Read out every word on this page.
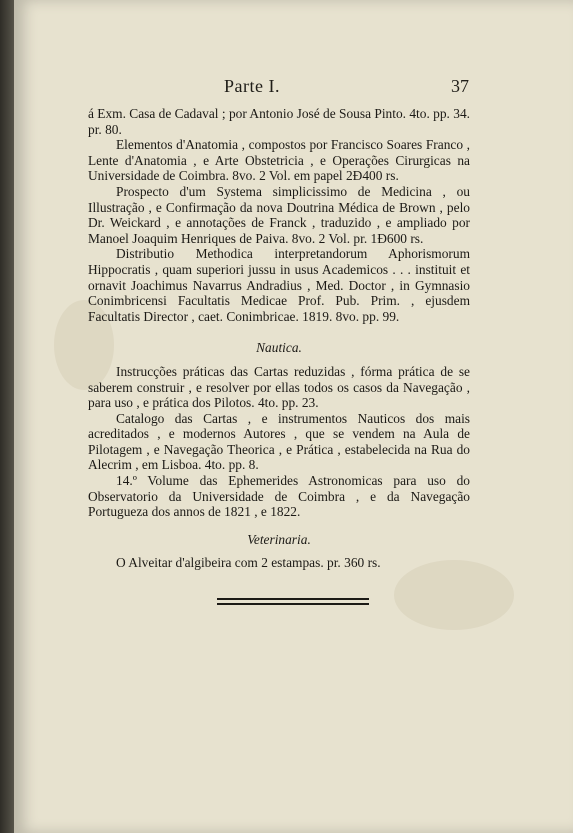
Parte I.	37

á Exm. Casa de Cadaval ; por Antonio José de Sousa Pinto. 4to. pp. 34. pr. 80.

Elementos d'Anatomia , compostos por Francisco Soares Franco , Lente d'Anatomia , e Arte Obstetricia , e Operações Cirurgicas na Universidade de Coimbra. 8vo. 2 Vol. em papel 2Ɖ400 rs.

Prospecto d'um Systema simplicissimo de Medicina , ou Illustração , e Confirmação da nova Doutrina Médica de Brown , pelo Dr. Weickard , e annotações de Franck , traduzido , e ampliado por Manoel Joaquim Henriques de Paiva. 8vo. 2 Vol. pr. 1Ɖ600 rs.

Distributio Methodica interpretandorum Aphorismorum Hippocratis , quam superiori jussu in usus Academicos . . . instituit et ornavit Joachimus Navarrus Andradius , Med. Doctor , in Gymnasio Conimbricensi Facultatis Medicae Prof. Pub. Prim. , ejusdem Facultatis Director , caet. Conimbricae. 1819. 8vo. pp. 99.

Nautica.

Instrucções práticas das Cartas reduzidas , fórma prática de se saberem construir , e resolver por ellas todos os casos da Navegação , para uso , e prática dos Pilotos. 4to. pp. 23.

Catalogo das Cartas , e instrumentos Nauticos dos mais acreditados , e modernos Autores , que se vendem na Aula de Pilotagem , e Navegação Theorica , e Prática , estabelecida na Rua do Alecrim , em Lisboa. 4to. pp. 8.

14.º Volume das Ephemerides Astronomicas para uso do Observatorio da Universidade de Coimbra , e da Navegação Portugueza dos annos de 1821 , e 1822.

Veterinaria.

O Alveitar d'algibeira com 2 estampas. pr. 360 rs.
